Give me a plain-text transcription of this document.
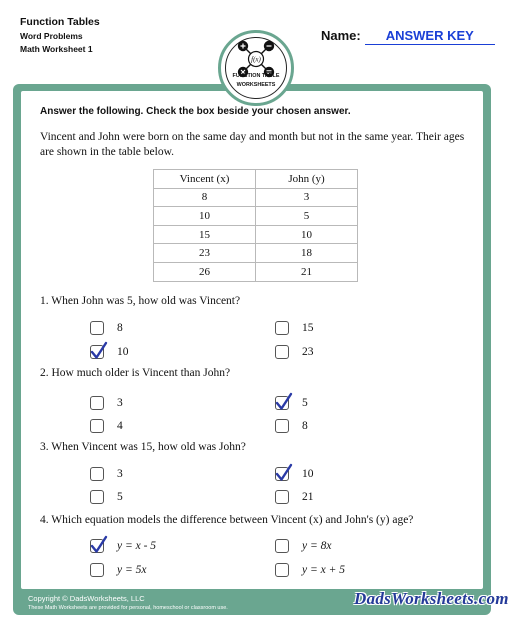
Function Tables
Word Problems
Math Worksheet 1
Name:	ANSWER KEY
f(x)
FUNCTION TABLE
WORKSHEETS
Answer the following. Check the box beside your chosen answer.
Vincent and John were born on the same day and month but not in the same year. Their ages are shown in the table below.
Vincent (x)	John (y)
8	3
10	5
15	10
23	18
26	21
1. When John was 5, how old was Vincent?
8	15
10	23
2. How much older is Vincent than John?
3	5
4	8
3. When Vincent was 15, how old was John?
3	10
5	21
4. Which equation models the difference between Vincent (x) and John's (y) age?
y = x - 5	y = 8x
y = 5x	y = x + 5
Copyright © DadsWorksheets, LLC
These Math Worksheets are provided for personal, homeschool or classroom use.	DadsWorksheets.com
